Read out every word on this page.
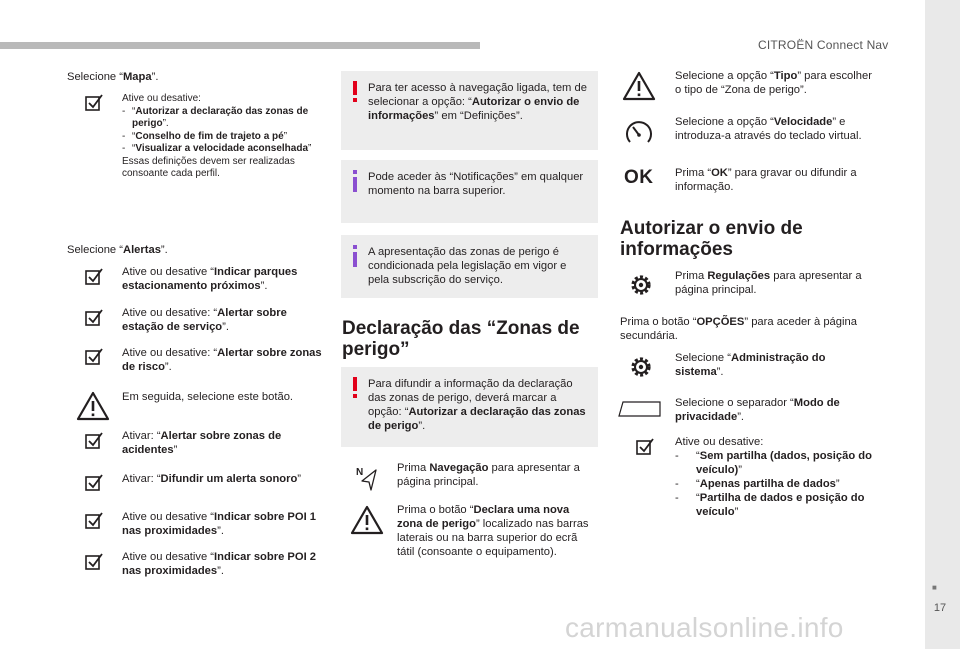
CITROËN Connect Nav
Selecione “Mapa”.
Ative ou desative:
- “Autorizar a declaração das zonas de perigo”.
- “Conselho de fim de trajeto a pé”
- “Visualizar a velocidade aconselhada”
Essas definições devem ser realizadas consoante cada perfil.
Selecione “Alertas”.
Ative ou desative “Indicar parques estacionamento próximos”.
Ative ou desative: “Alertar sobre estação de serviço”.
Ative ou desative: “Alertar sobre zonas de risco”.
Em seguida, selecione este botão.
Ativar: “Alertar sobre zonas de acidentes”
Ativar: “Difundir um alerta sonoro”
Ative ou desative “Indicar sobre POI 1 nas proximidades”.
Ative ou desative “Indicar sobre POI 2 nas proximidades”.
Para ter acesso à navegação ligada, tem de selecionar a opção: “Autorizar o envio de informações” em “Definições”.
Pode aceder às “Notificações” em qualquer momento na barra superior.
A apresentação das zonas de perigo é condicionada pela legislação em vigor e pela subscrição do serviço.
Declaração das “Zonas de perigo”
Para difundir a informação da declaração das zonas de perigo, deverá marcar a opção: “Autorizar a declaração das zonas de perigo”.
N	Prima Navegação para apresentar a página principal.
Prima o botão “Declara uma nova zona de perigo” localizado nas barras laterais ou na barra superior do ecrã tátil (consoante o equipamento).
Selecione a opção “Tipo” para escolher o tipo de “Zona de perigo”.
Selecione a opção “Velocidade” e introduza-a através do teclado virtual.
OK Prima “OK” para gravar ou difundir a informação.
Autorizar o envio de informações
Prima Regulações para apresentar a página principal.
Prima o botão “OPÇÕES” para aceder à página secundária.
Selecione “Administração do sistema”.
Selecione o separador “Modo de privacidade”.
Ative ou desative:
-	“Sem partilha (dados, posição do veículo)”
-	“Apenas partilha de dados”
-	“Partilha de dados e posição do veículo”
■
17
carmanualsonline.info
